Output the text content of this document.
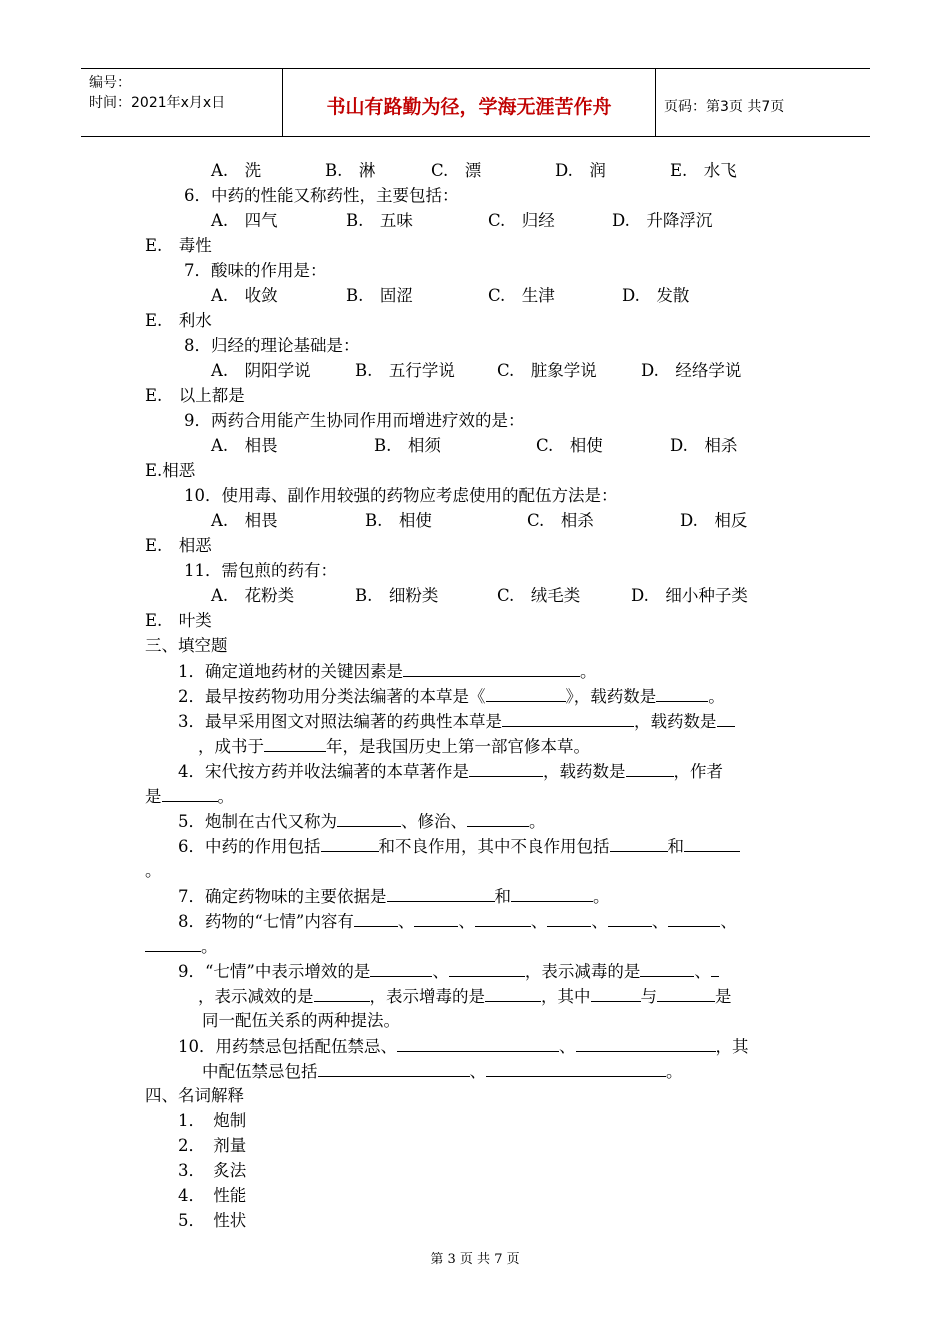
编号：
时间：2021年x月x日	书山有路勤为径，学海无涯苦作舟	页码：第3页 共7页
A.　洗	B.　淋	C.　漂	D.　润	E.　水飞
6．中药的性能又称药性，主要包括：
A.　四气	B.　五味	C.　归经	D.　升降浮沉
E.　毒性
7．酸味的作用是：
A.　收敛	B.　固涩	C.　生津	D.　发散
E.　利水
8．归经的理论基础是：
A.　阴阳学说	B.　五行学说	C.　脏象学说	D.　经络学说
E.　以上都是
9．两药合用能产生协同作用而增进疗效的是：
A.　相畏	B.　相须	C.　相使	D.　相杀
E.相恶
10．使用毒、副作用较强的药物应考虑使用的配伍方法是：
A.　相畏	B.　相使	C.　相杀	D.　相反
E.　相恶
11．需包煎的药有：
A.　花粉类	B.　细粉类	C.　绒毛类	D.　细小种子类
E.　叶类
三、填空题
1．确定道地药材的关键因素是	。
2．最早按药物功用分类法编著的本草是《	》，载药数是	。
3．最早采用图文对照法编著的药典性本草是	，载药数是
，成书于	年，是我国历史上第一部官修本草。
4．宋代按方药并收法编著的本草著作是	，载药数是	，作者
是	。
5．炮制在古代又称为	、修治、	。
6．中药的作用包括	和不良作用，其中不良作用包括	和
。
7．确定药物味的主要依据是	和	。
8．药物的“七情”内容有	、	、	、	、	、	、
。
9．“七情”中表示增效的是	、	，表示减毒的是	、
，表示减效的是	，表示增毒的是	，其中	与	是
同一配伍关系的两种提法。
10．用药禁忌包括配伍禁忌、	、	，其
中配伍禁忌包括	、	。
四、名词解释
1．　炮制
2．　剂量
3．　炙法
4．　性能
5．　性状
第 3 页 共 7 页
